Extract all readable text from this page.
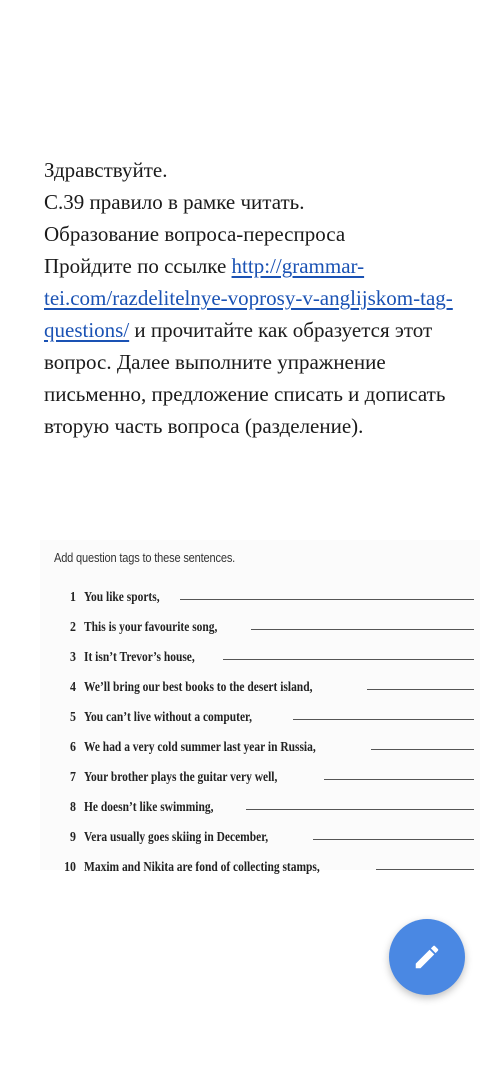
Здравствуйте.

С.39 правило в рамке читать.
Образование вопроса-переспроса

Пройдите по ссылке http://grammar-tei.com/razdelitelnye-voprosy-v-anglijskom-tag-questions/ и прочитайте как образуется этот вопрос. Далее выполните упражнение письменно, предложение списать и дописать вторую часть вопроса (разделение).

Add question tags to these sentences.
1 You like sports,
2 This is your favourite song,
3 It isn’t Trevor’s house,
4 We’ll bring our best books to the desert island,
5 You can’t live without a computer,
6 We had a very cold summer last year in Russia,
7 Your brother plays the guitar very well,
8 He doesn’t like swimming,
9 Vera usually goes skiing in December,
10 Maxim and Nikita are fond of collecting stamps,
